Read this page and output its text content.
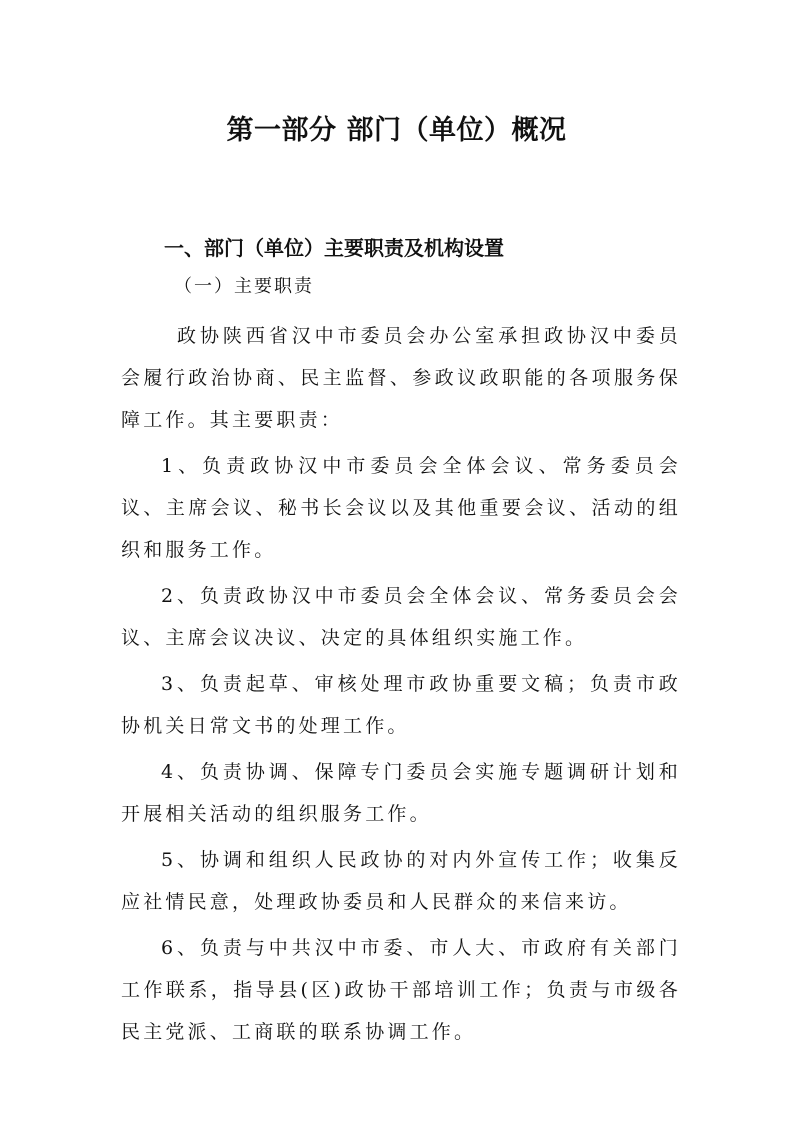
第一部分 部门（单位）概况
一、部门（单位）主要职责及机构设置
（一）主要职责

政协陕西省汉中市委员会办公室承担政协汉中委员会履行政治协商、民主监督、参政议政职能的各项服务保障工作。其主要职责：

1、负责政协汉中市委员会全体会议、常务委员会议、主席会议、秘书长会议以及其他重要会议、活动的组织和服务工作。

2、负责政协汉中市委员会全体会议、常务委员会会议、主席会议决议、决定的具体组织实施工作。

3、负责起草、审核处理市政协重要文稿；负责市政协机关日常文书的处理工作。

4、负责协调、保障专门委员会实施专题调研计划和开展相关活动的组织服务工作。

5、协调和组织人民政协的对内外宣传工作；收集反应社情民意，处理政协委员和人民群众的来信来访。

6、负责与中共汉中市委、市人大、市政府有关部门工作联系，指导县(区)政协干部培训工作；负责与市级各民主党派、工商联的联系协调工作。
